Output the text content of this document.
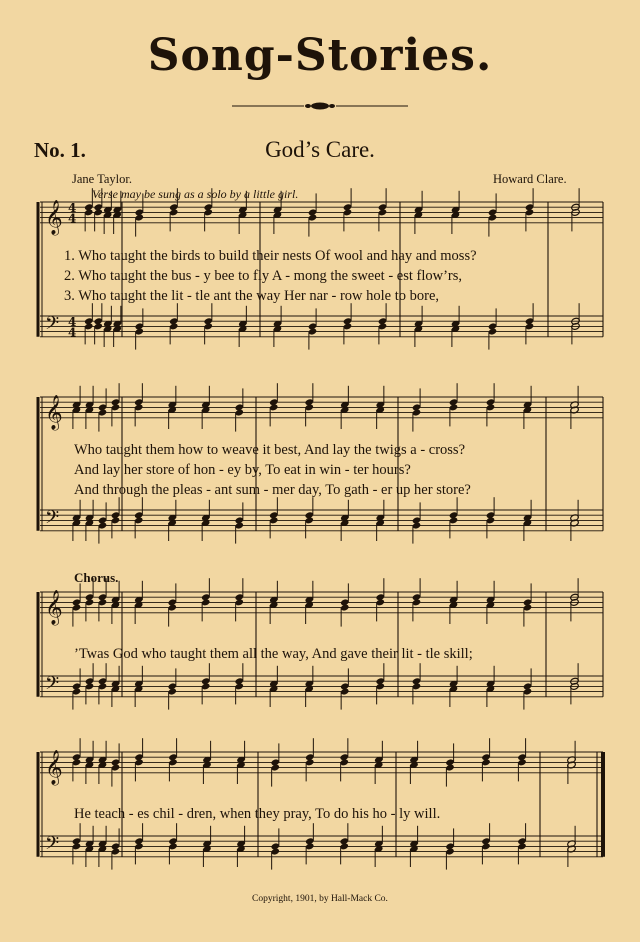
Song-Stories.
No. 1.	God’s Care.
Jane Taylor.	Howard Clare.
Verse may be sung as a solo by a little girl.
𝄞 4
4
𝄢 4
4
𝄞
𝄢
𝄞
𝄢
𝄞
𝄢
1. Who taught the birds to build their nests Of wool and hay and moss?
2. Who taught the bus - y bee to fly A - mong the sweet - est flow’rs,
3. Who taught the lit - tle ant the way Her nar - row hole to bore,
Who taught them how to weave it best, And lay the twigs a - cross?
And lay her store of hon - ey by, To eat in win - ter hours?
And through the pleas - ant sum - mer day, To gath - er up her store?
Chorus.
’Twas God who taught them all the way, And gave their lit - tle skill;
He teach - es chil - dren, when they pray, To do his ho - ly will.
Copyright, 1901, by Hall-Mack Co.
